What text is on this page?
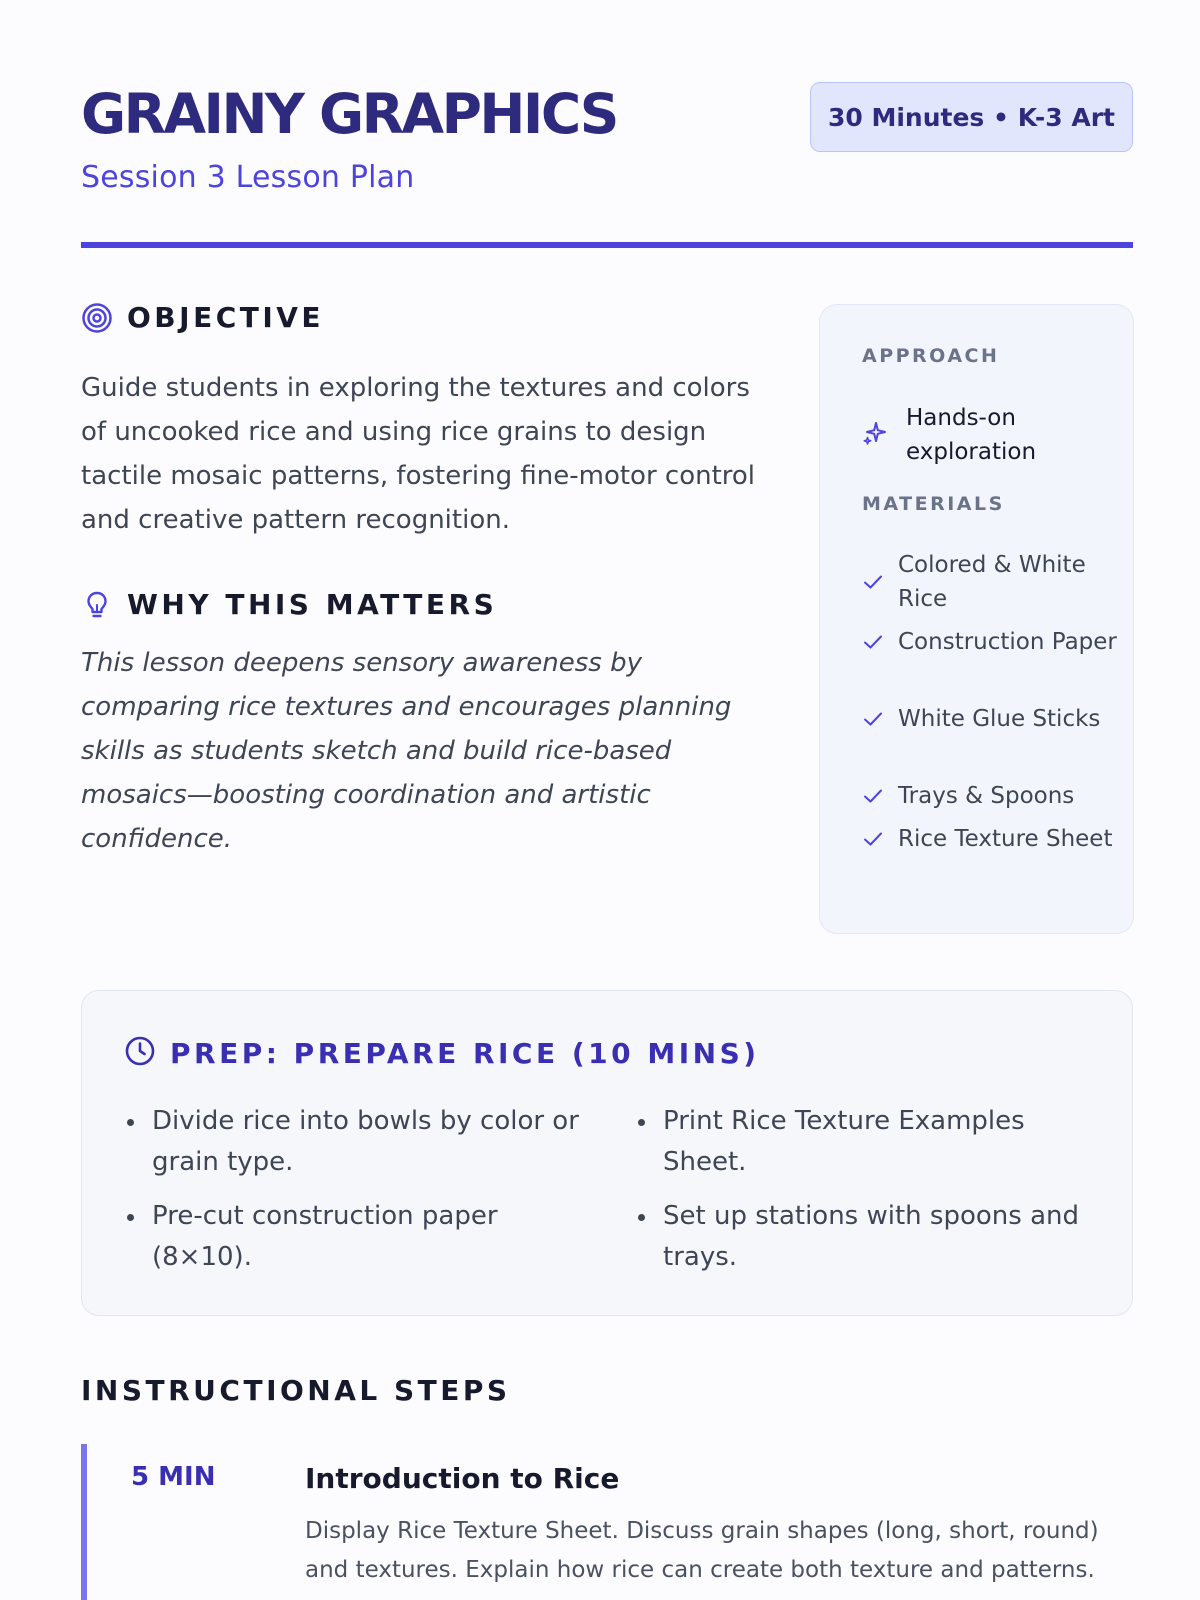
GRAINY GRAPHICS
Session 3 Lesson Plan
30 Minutes • K-3 Art
OBJECTIVE

Guide students in exploring the textures and colors of uncooked rice and using rice grains to design tactile mosaic patterns, fostering fine-motor control and creative pattern recognition.

WHY THIS MATTERS

This lesson deepens sensory awareness by comparing rice textures and encourages planning skills as students sketch and build rice-based mosaics—boosting coordination and artistic confidence.

APPROACH
Hands-on exploration
MATERIALS
Colored & White Rice
Construction Paper
White Glue Sticks
Trays & Spoons
Rice Texture Sheet
PREP: PREPARE RICE (10 MINS)
Divide rice into bowls by color or grain type.
Pre-cut construction paper (8×10).
Print Rice Texture Examples Sheet.
Set up stations with spoons and trays.
INSTRUCTIONAL STEPS
5 MIN	Introduction to Rice
Display Rice Texture Sheet. Discuss grain shapes (long, short, round) and textures. Explain how rice can create both texture and patterns.
